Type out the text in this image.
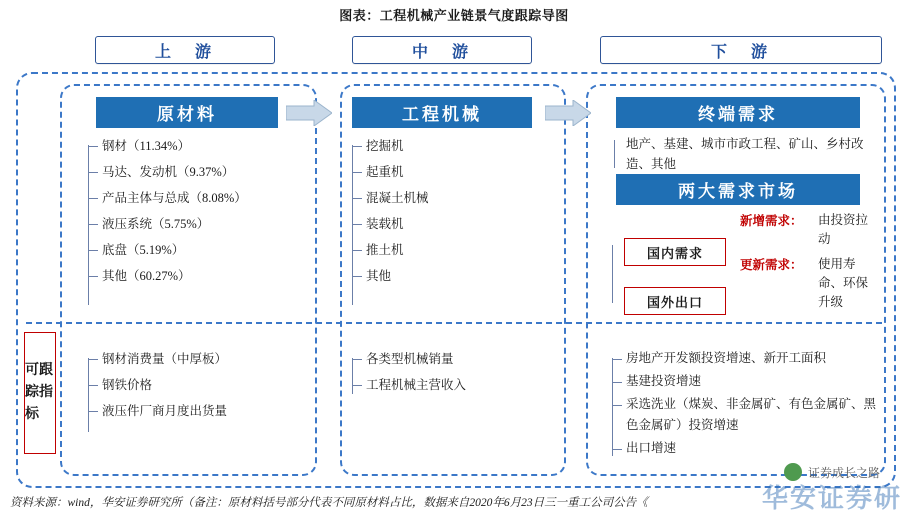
图表：工程机械产业链景气度跟踪导图
上　游	中　游	下　游
原材料	工程机械	终端需求
两大需求市场
钢材（11.34%）
马达、发动机（9.37%）
产品主体与总成（8.08%）
液压系统（5.75%）
底盘（5.19%）
其他（60.27%）
挖掘机
起重机
混凝土机械
装载机
推土机
其他
地产、基建、城市市政工程、矿山、乡村改造、其他
国内需求
国外出口
新增需求： 由投资拉动
更新需求： 使用寿命、环保升级
可跟踪指标
钢材消费量（中厚板）
钢铁价格
液压件厂商月度出货量
各类型机械销量
工程机械主营收入
房地产开发额投资增速、新开工面积
基建投资增速
采选洗业（煤炭、非金属矿、有色金属矿、黑色金属矿）投资增速
出口增速
资料来源：wind，华安证券研究所（备注：原材料括号部分代表不同原材料占比，数据来自2020年6月23日三一重工公司公告《
证券成长之路
华安证券研
